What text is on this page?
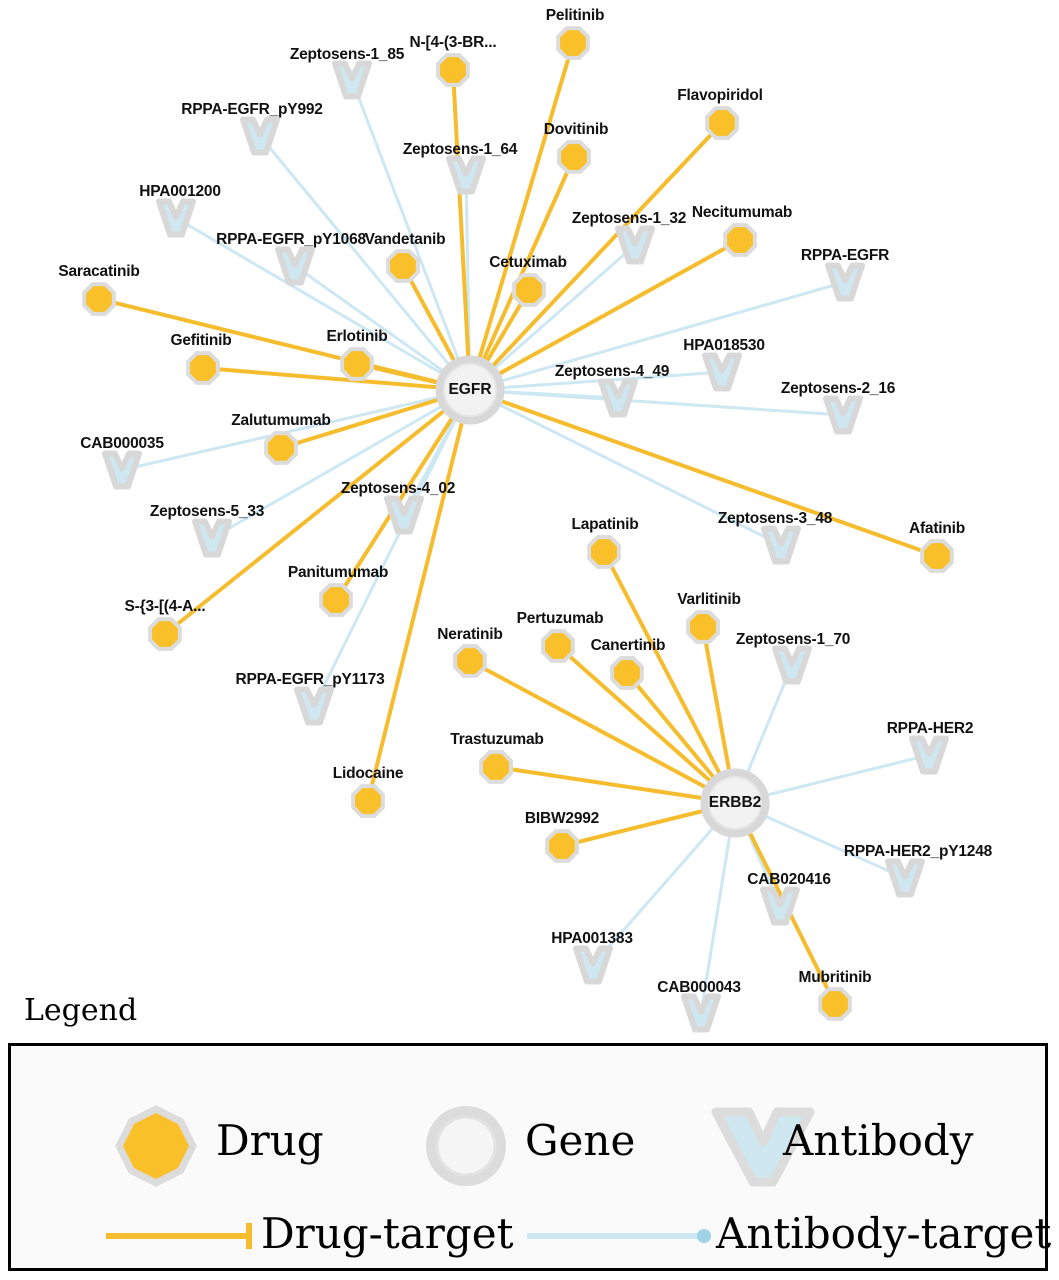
Zeptosens-1_85
RPPA-EGFR_pY992
Zeptosens-1_64
HPA001200
Zeptosens-1_32
RPPA-EGFR_pY1068
RPPA-EGFR
HPA018530
Zeptosens-4_49
Zeptosens-2_16
CAB000035
Zeptosens-4_02
Zeptosens-5_33	Zeptosens-3_48
Zeptosens-1_70
RPPA-EGFR_pY1173
RPPA-HER2
RPPA-HER2_pY1248
CAB020416
HPA001383
CAB000043
Pelitinib
N-[4-(3-BR...
Flavopiridol
Dovitinib
Necitumumab
Vandetanib
Cetuximab
Saracatinib
Erlotinib
Gefitinib
Zalutumumab
Afatinib
Lapatinib
Varlitinib
Panitumumab
S-{3-[(4-A...
Pertuzumab
Neratinib
Canertinib
Trastuzumab
Lidocaine
BIBW2992
Mubritinib
EGFR
ERBB2
Legend
Drug	Gene	Antibody
Drug-target	Antibody-target
